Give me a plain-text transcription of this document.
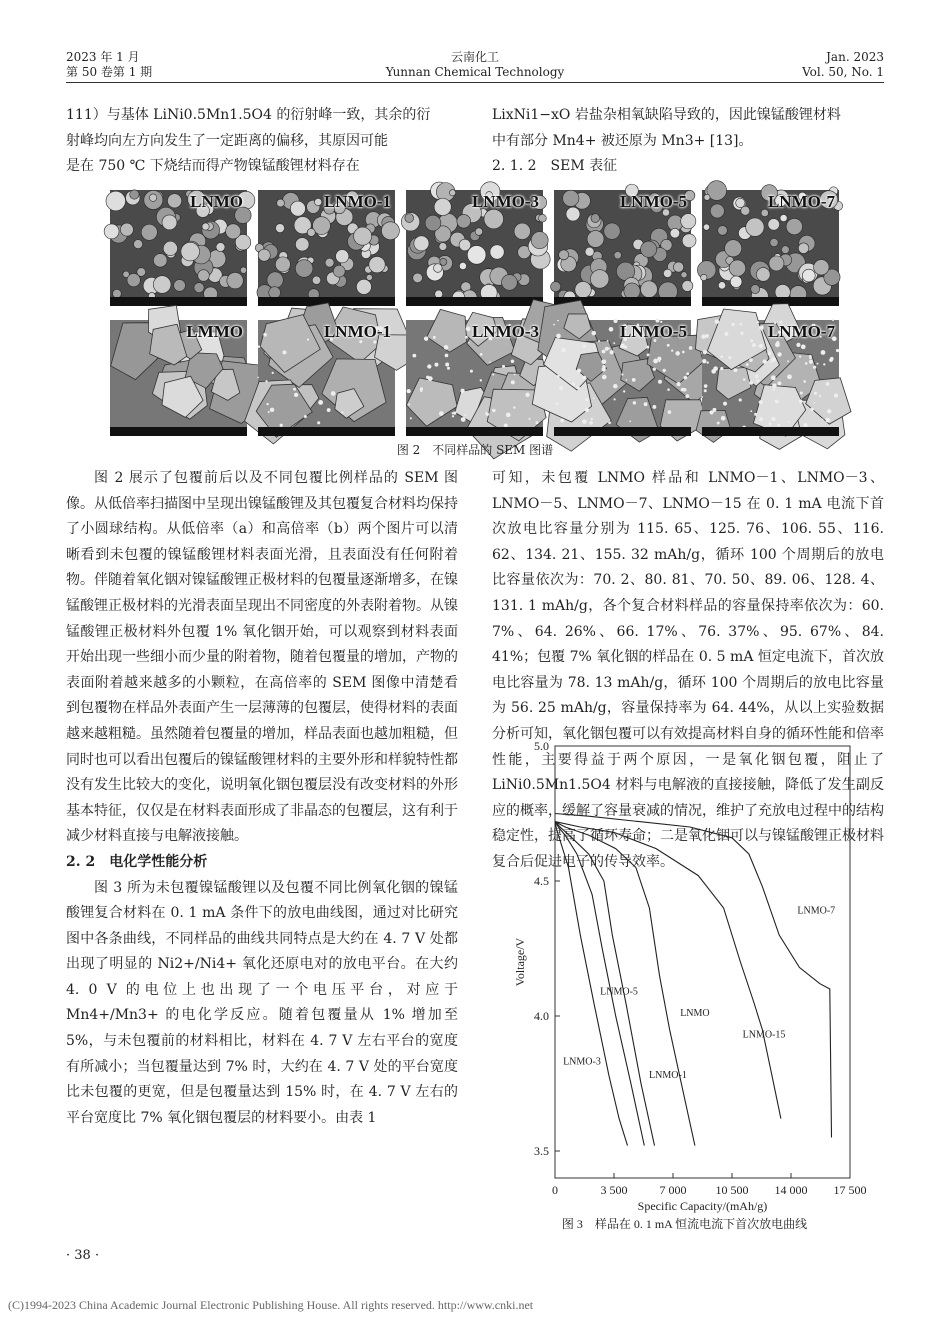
2023 年 1 月
第 50 卷第 1 期
云南化工
Yunnan Chemical Technology
Jan. 2023
Vol. 50, No. 1

111）与基体 LiNi0.5Mn1.5O4 的衍射峰一致，其余的衍

射峰均向左方向发生了一定距离的偏移，其原因可能

是在 750 ℃ 下烧结而得产物镍锰酸锂材料存在

LixNi1−xO 岩盐杂相氧缺陷导致的，因此镍锰酸锂材料

中有部分 Mn4+ 被还原为 Mn3+ [13]。

2. 1. 2　SEM 表征

LNMO	LNMO-1	LNMO-3	LNMO-5	LNMO-7
LMMO	LNMO-1	LNMO-3	LNMO-5	LNMO-7
图 2　不同样品的 SEM 图谱

图 2 展示了包覆前后以及不同包覆比例样品的 SEM 图像。从低倍率扫描图中呈现出镍锰酸锂及其包覆复合材料均保持了小圆球结构。从低倍率（a）和高倍率（b）两个图片可以清晰看到未包覆的镍锰酸锂材料表面光滑，且表面没有任何附着物。伴随着氧化铟对镍锰酸锂正极材料的包覆量逐渐增多，在镍锰酸锂正极材料的光滑表面呈现出不同密度的外表附着物。从镍锰酸锂正极材料外包覆 1% 氧化铟开始，可以观察到材料表面开始出现一些细小而少量的附着物，随着包覆量的增加，产物的表面附着越来越多的小颗粒，在高倍率的 SEM 图像中清楚看到包覆物在样品外表面产生一层薄薄的包覆层，使得材料的表面越来越粗糙。虽然随着包覆量的增加，样品表面也越加粗糙，但同时也可以看出包覆后的镍锰酸锂材料的主要外形和样貌特性都没有发生比较大的变化，说明氧化铟包覆层没有改变材料的外形基本特征，仅仅是在材料表面形成了非晶态的包覆层，这有利于减少材料直接与电解液接触。

2. 2　电化学性能分析

图 3 所为未包覆镍锰酸锂以及包覆不同比例氧化铟的镍锰酸锂复合材料在 0. 1 mA 条件下的放电曲线图，通过对比研究图中各条曲线，不同样品的曲线共同特点是大约在 4. 7 V 处都出现了明显的 Ni2+/Ni4+ 氧化还原电对的放电平台。在大约 4. 0 V 的电位上也出现了一个电压平台，对应于 Mn4+/Mn3+ 的电化学反应。随着包覆量从 1% 增加至 5%，与未包覆前的材料相比，材料在 4. 7 V 左右平台的宽度有所减小；当包覆量达到 7% 时，大约在 4. 7 V 处的平台宽度比未包覆的更宽，但是包覆量达到 15% 时，在 4. 7 V 左右的平台宽度比 7% 氧化铟包覆层的材料要小。由表 1

可知，未包覆 LNMO 样品和 LNMO－1、LNMO－3、LNMO－5、LNMO－7、LNMO－15 在 0. 1 mA 电流下首次放电比容量分别为 115. 65、125. 76、106. 55、116. 62、134. 21、155. 32 mAh/g，循环 100 个周期后的放电比容量依次为：70. 2、80. 81、70. 50、89. 06、128. 4、131. 1 mAh/g，各个复合材料样品的容量保持率依次为：60. 7%、64. 26%、66. 17%、76. 37%、95. 67%、84. 41%；包覆 7% 氧化铟的样品在 0. 5 mA 恒定电流下，首次放电比容量为 78. 13 mAh/g，循环 100 个周期后的放电比容量为 56. 25 mAh/g，容量保持率为 64. 44%，从以上实验数据分析可知，氧化铟包覆可以有效提高材料自身的循环性能和倍率性能，主要得益于两个原因，一是氧化铟包覆，阻止了 LiNi0.5Mn1.5O4 材料与电解液的直接接触，降低了发生副反应的概率，缓解了容量衰减的情况，维护了充放电过程中的结构稳定性，提高了循环寿命；二是氧化铟可以与镍锰酸锂正极材料复合后促进电子的传导效率。

0	3 500	7 000 10 500 14 000 17 500
3.5
4.0
4.5
5.0
Specific Capacity/(mAh/g)
Voltage/V
LNMO-3
LNMO-5
LNMO-1
LNMO
LNMO-15
LNMO-7
图 3　样品在 0. 1 mA 恒流电流下首次放电曲线
· 38 ·
(C)1994-2023 China Academic Journal Electronic Publishing House. All rights reserved. http://www.cnki.net
